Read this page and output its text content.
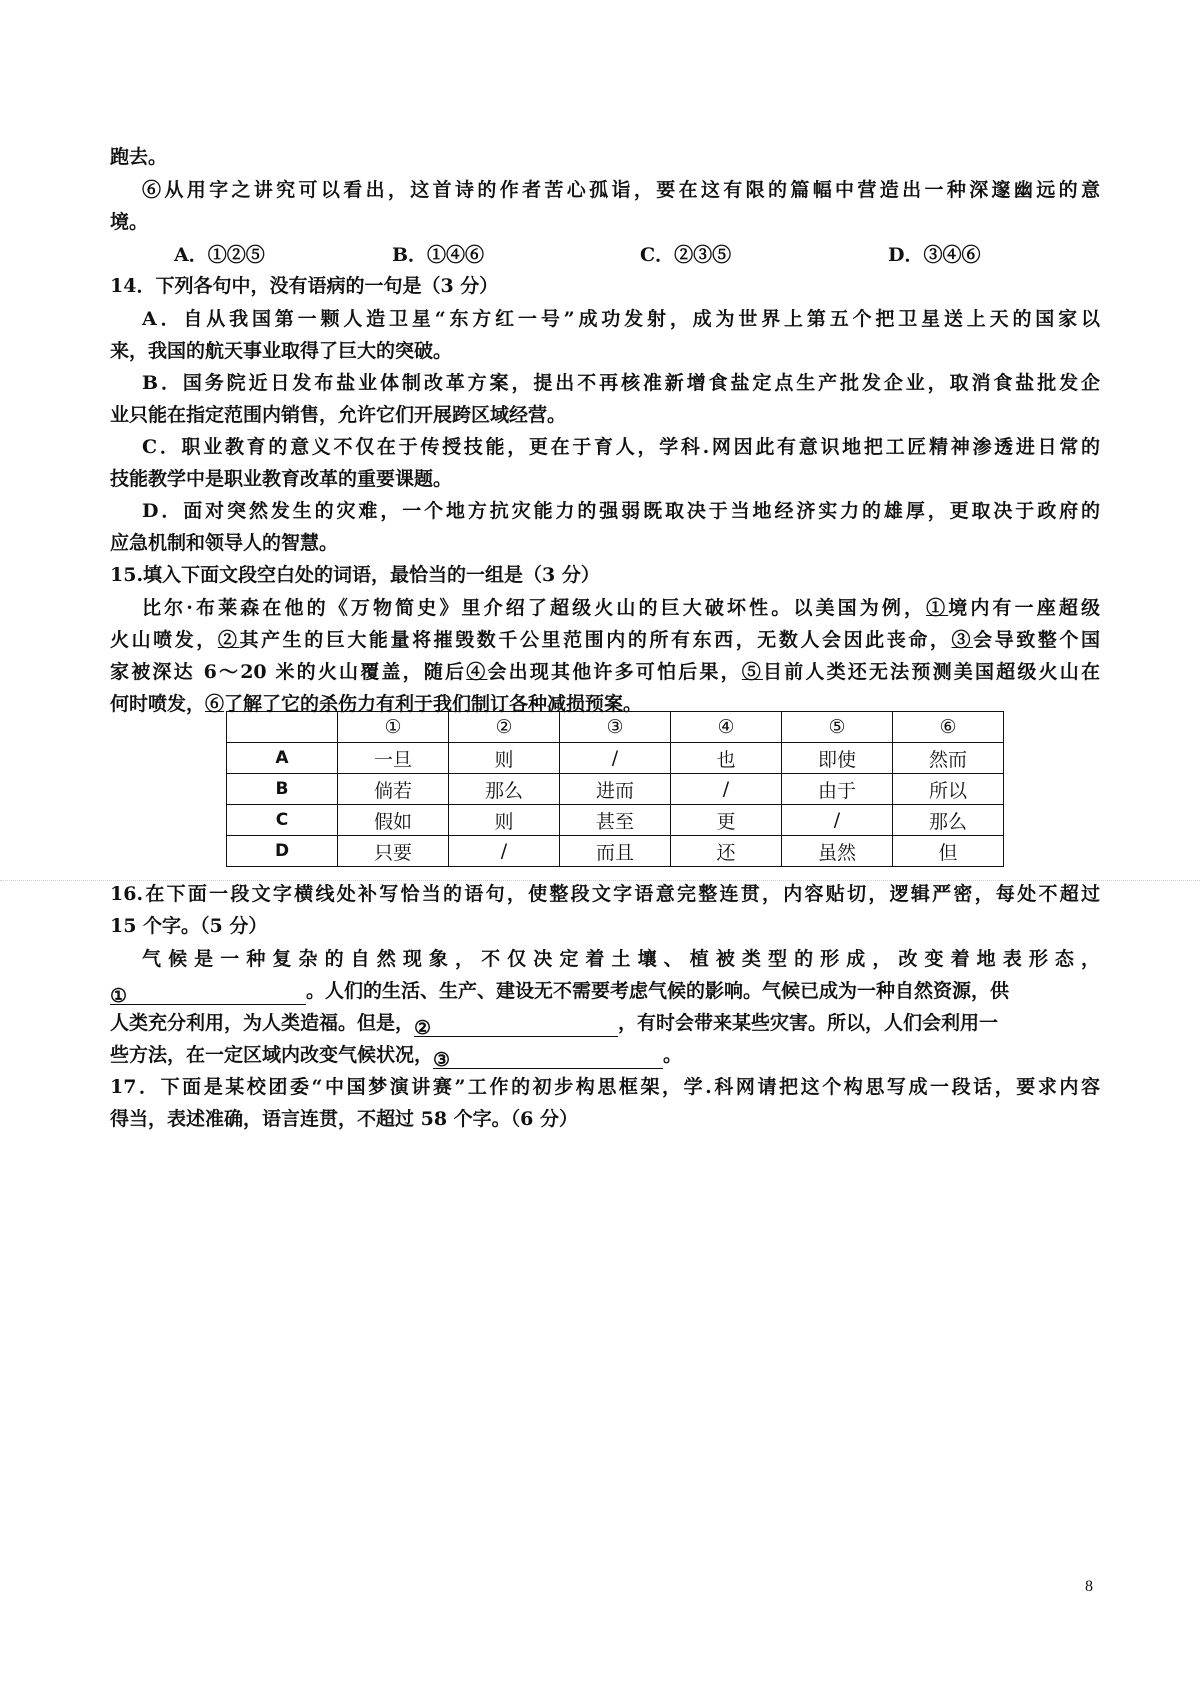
跑去。
⑥从用字之讲究可以看出，这首诗的作者苦心孤诣，要在这有限的篇幅中营造出一种深邃幽远的意
境。
A．①②⑤	B．①④⑥	C．②③⑤	D．③④⑥
14．下列各句中，没有语病的一句是（3 分）
A．自从我国第一颗人造卫星“东方红一号”成功发射，成为世界上第五个把卫星送上天的国家以
来，我国的航天事业取得了巨大的突破。
B．国务院近日发布盐业体制改革方案，提出不再核准新增食盐定点生产批发企业，取消食盐批发企
业只能在指定范围内销售，允许它们开展跨区域经营。
C．职业教育的意义不仅在于传授技能，更在于育人，学科.网因此有意识地把工匠精神渗透进日常的
技能教学中是职业教育改革的重要课题。
D．面对突然发生的灾难，一个地方抗灾能力的强弱既取决于当地经济实力的雄厚，更取决于政府的
应急机制和领导人的智慧。
15.填入下面文段空白处的词语，最恰当的一组是（3 分）
比尔·布莱森在他的《万物简史》里介绍了超级火山的巨大破坏性。以美国为例，①境内有一座超级
火山喷发，②其产生的巨大能量将摧毁数千公里范围内的所有东西，无数人会因此丧命，③会导致整个国
家被深达 6～20 米的火山覆盖，随后④会出现其他许多可怕后果，⑤目前人类还无法预测美国超级火山在
何时喷发，⑥了解了它的杀伤力有利于我们制订各种减损预案。
	①	②	③	④	⑤	⑥
A	一旦	则	/	也	即使	然而
B	倘若	那么	进而	/	由于	所以
C	假如	则	甚至	更	/	那么
D	只要	/	而且	还	虽然	但
16.在下面一段文字横线处补写恰当的语句，使整段文字语意完整连贯，内容贴切，逻辑严密，每处不超过
15 个字。（5 分）
气候是一种复杂的自然现象，不仅决定着土壤、植被类型的形成，改变着地表形态，
①	。人们的生活、生产、建设无不需要考虑气候的影响。气候已成为一种自然资源，供
人类充分利用，为人类造福。但是，②	，有时会带来某些灾害。所以，人们会利用一
些方法，在一定区域内改变气候状况，③	。
17．下面是某校团委“中国梦演讲赛”工作的初步构思框架，学.科网请把这个构思写成一段话，要求内容
得当，表述准确，语言连贯，不超过 58 个字。（6 分）
8
